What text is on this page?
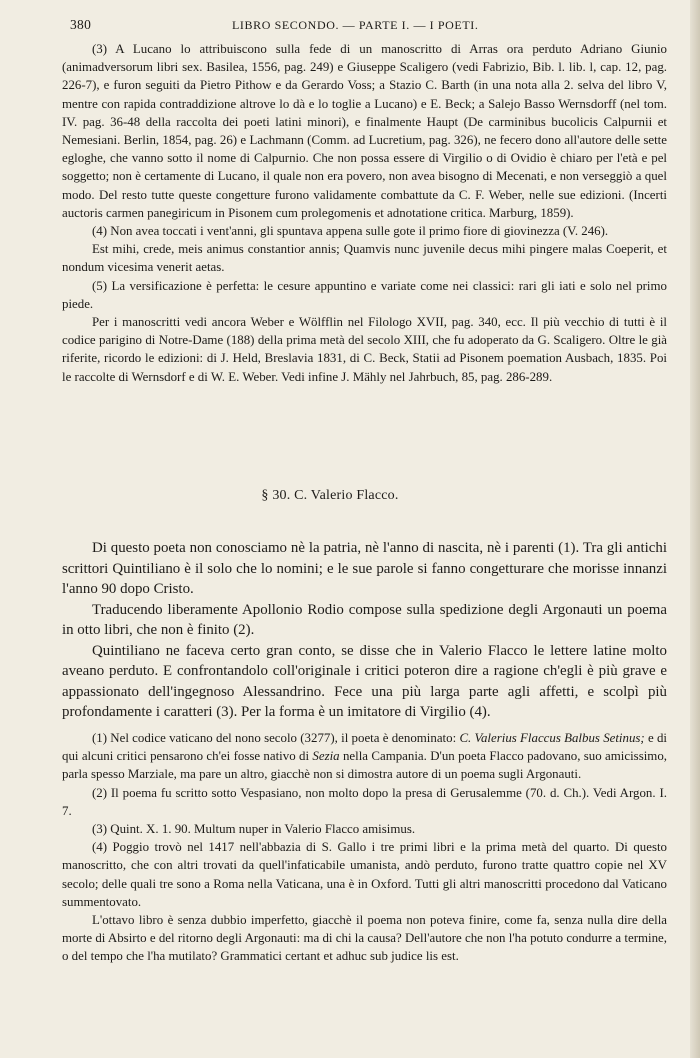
380	LIBRO SECONDO. — PARTE I. — I POETI.

(3) A Lucano lo attribuiscono sulla fede di un manoscritto di Arras ora perduto Adriano Giunio (animadversorum libri sex. Basilea, 1556, pag. 249) e Giuseppe Scaligero (vedi Fabrizio, Bib. l. lib. l, cap. 12, pag. 226-7), e furon seguiti da Pietro Pithow e da Gerardo Voss; a Stazio C. Barth (in una nota alla 2. selva del libro V, mentre con rapida contraddizione altrove lo dà e lo toglie a Lucano) e E. Beck; a Salejo Basso Wernsdorff (nel tom. IV. pag. 36-48 della raccolta dei poeti latini minori), e finalmente Haupt (De carminibus bucolicis Calpurnii et Nemesiani. Berlin, 1854, pag. 26) e Lachmann (Comm. ad Lucretium, pag. 326), ne fecero dono all'autore delle sette egloghe, che vanno sotto il nome di Calpurnio. Che non possa essere di Virgilio o di Ovidio è chiaro per l'età e pel soggetto; non è certamente di Lucano, il quale non era povero, non avea bisogno di Mecenati, e non verseggiò a quel modo. Del resto tutte queste congetture furono validamente combattute da C. F. Weber, nelle sue edizioni. (Incerti auctoris carmen panegiricum in Pisonem cum prolegomenis et adnotatione critica. Marburg, 1859).

(4) Non avea toccati i vent'anni, gli spuntava appena sulle gote il primo fiore di giovinezza (V. 246).

Est mihi, crede, meis animus constantior annis; Quamvis nunc juvenile decus mihi pingere malas Coeperit, et nondum vicesima venerit aetas.

(5) La versificazione è perfetta: le cesure appuntino e variate come nei classici: rari gli iati e solo nel primo piede.

Per i manoscritti vedi ancora Weber e Wölfflin nel Filologo XVII, pag. 340, ecc. Il più vecchio di tutti è il codice parigino di Notre-Dame (188) della prima metà del secolo XIII, che fu adoperato da G. Scaligero. Oltre le già riferite, ricordo le edizioni: di J. Held, Breslavia 1831, di C. Beck, Statii ad Pisonem poemation Ausbach, 1835. Poi le raccolte di Wernsdorf e di W. E. Weber. Vedi infine J. Mähly nel Jahrbuch, 85, pag. 286-289.

§ 30. C. Valerio Flacco.

Di questo poeta non conosciamo nè la patria, nè l'anno di nascita, nè i parenti (1). Tra gli antichi scrittori Quintiliano è il solo che lo nomini; e le sue parole si fanno congetturare che morisse innanzi l'anno 90 dopo Cristo.

Traducendo liberamente Apollonio Rodio compose sulla spedizione degli Argonauti un poema in otto libri, che non è finito (2).

Quintiliano ne faceva certo gran conto, se disse che in Valerio Flacco le lettere latine molto aveano perduto. E confrontandolo coll'originale i critici poteron dire a ragione ch'egli è più grave e appassionato dell'ingegnoso Alessandrino. Fece una più larga parte agli affetti, e scolpì più profondamente i caratteri (3). Per la forma è un imitatore di Virgilio (4).

(1) Nel codice vaticano del nono secolo (3277), il poeta è denominato: C. Valerius Flaccus Balbus Setinus; e di qui alcuni critici pensarono ch'ei fosse nativo di Sezia nella Campania. D'un poeta Flacco padovano, suo amicissimo, parla spesso Marziale, ma pare un altro, giacchè non si dimostra autore di un poema sugli Argonauti.

(2) Il poema fu scritto sotto Vespasiano, non molto dopo la presa di Gerusalemme (70. d. Ch.). Vedi Argon. I. 7.

(3) Quint. X. 1. 90. Multum nuper in Valerio Flacco amisimus.

(4) Poggio trovò nel 1417 nell'abbazia di S. Gallo i tre primi libri e la prima metà del quarto. Di questo manoscritto, che con altri trovati da quell'infaticabile umanista, andò perduto, furono tratte quattro copie nel XV secolo; delle quali tre sono a Roma nella Vaticana, una è in Oxford. Tutti gli altri manoscritti procedono dal Vaticano summentovato.

L'ottavo libro è senza dubbio imperfetto, giacchè il poema non poteva finire, come fa, senza nulla dire della morte di Absirto e del ritorno degli Argonauti: ma di chi la causa? Dell'autore che non l'ha potuto condurre a termine, o del tempo che l'ha mutilato? Grammatici certant et adhuc sub judice lis est.
